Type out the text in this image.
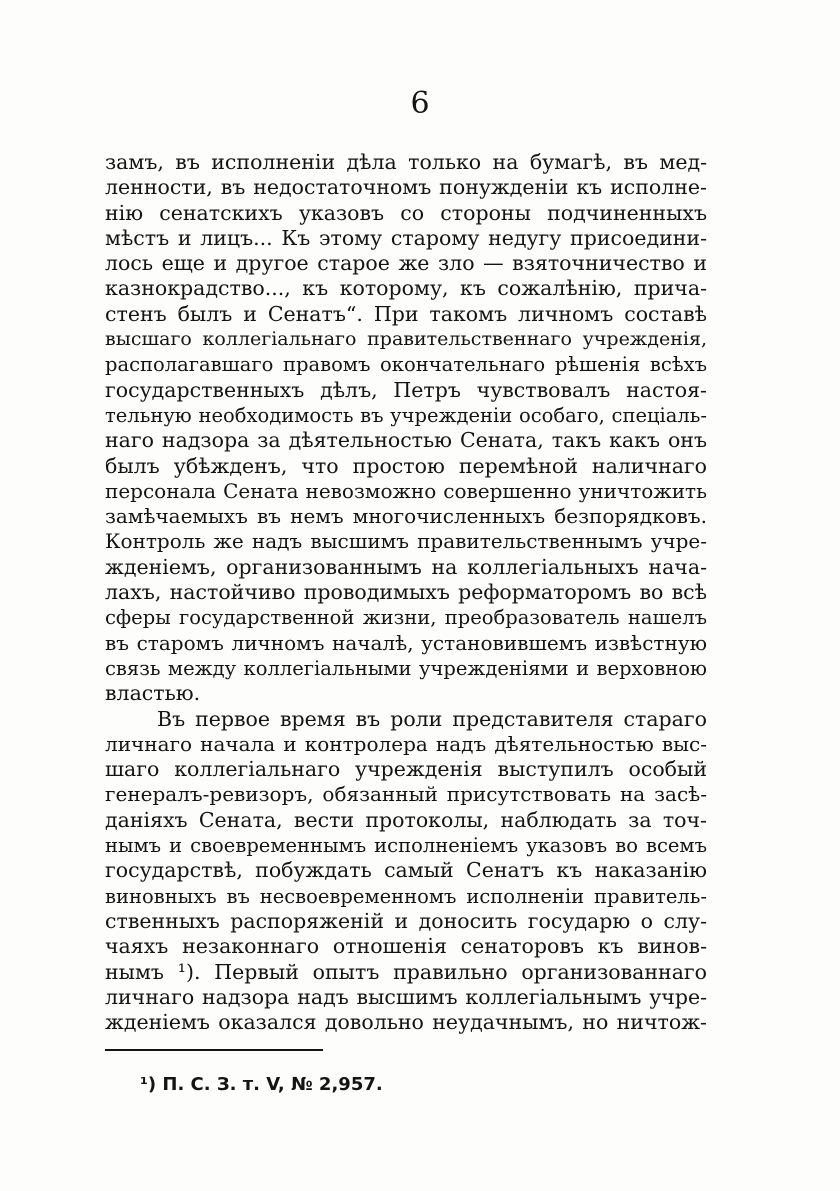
6
замъ, въ исполненіи дѣла только на бумагѣ, въ мед-
ленности, въ недостаточномъ понужденіи къ исполне-
нію сенатскихъ указовъ со стороны подчиненныхъ
мѣстъ и лицъ... Къ этому старому недугу присоедини-
лось еще и другое старое же зло — взяточничество и
казнокрадство..., къ которому, къ сожалѣнію, прича-
стенъ былъ и Сенатъ“. При такомъ личномъ составѣ
высшаго коллегіальнаго правительственнаго учрежденія,
располагавшаго правомъ окончательнаго рѣшенія всѣхъ
государственныхъ дѣлъ, Петръ чувствовалъ настоя-
тельную необходимость въ учрежденіи особаго, спеціаль-
наго надзора за дѣятельностью Сената, такъ какъ онъ
былъ убѣжденъ, что простою перемѣной наличнаго
персонала Сената невозможно совершенно уничтожить
замѣчаемыхъ въ немъ многочисленныхъ безпорядковъ.
Контроль же надъ высшимъ правительственнымъ учре-
жденіемъ, организованнымъ на коллегіальныхъ нача-
лахъ, настойчиво проводимыхъ реформаторомъ во всѣ
сферы государственной жизни, преобразователь нашелъ
въ старомъ личномъ началѣ, установившемъ извѣстную
связь между коллегіальными учрежденіями и верховною
властью.
Въ первое время въ роли представителя стараго
личнаго начала и контролера надъ дѣятельностью выс-
шаго коллегіальнаго учрежденія выступилъ особый
генералъ-ревизоръ, обязанный присутствовать на засѣ-
даніяхъ Сената, вести протоколы, наблюдать за точ-
нымъ и своевременнымъ исполненіемъ указовъ во всемъ
государствѣ, побуждать самый Сенатъ къ наказанію
виновныхъ въ несвоевременномъ исполненіи правитель-
ственныхъ распоряженій и доносить государю о слу-
чаяхъ незаконнаго отношенія сенаторовъ къ винов-
нымъ ¹). Первый опытъ правильно организованнаго
личнаго надзора надъ высшимъ коллегіальнымъ учре-
жденіемъ оказался довольно неудачнымъ, но ничтож-
¹) П. С. З. т. V, № 2,957.
